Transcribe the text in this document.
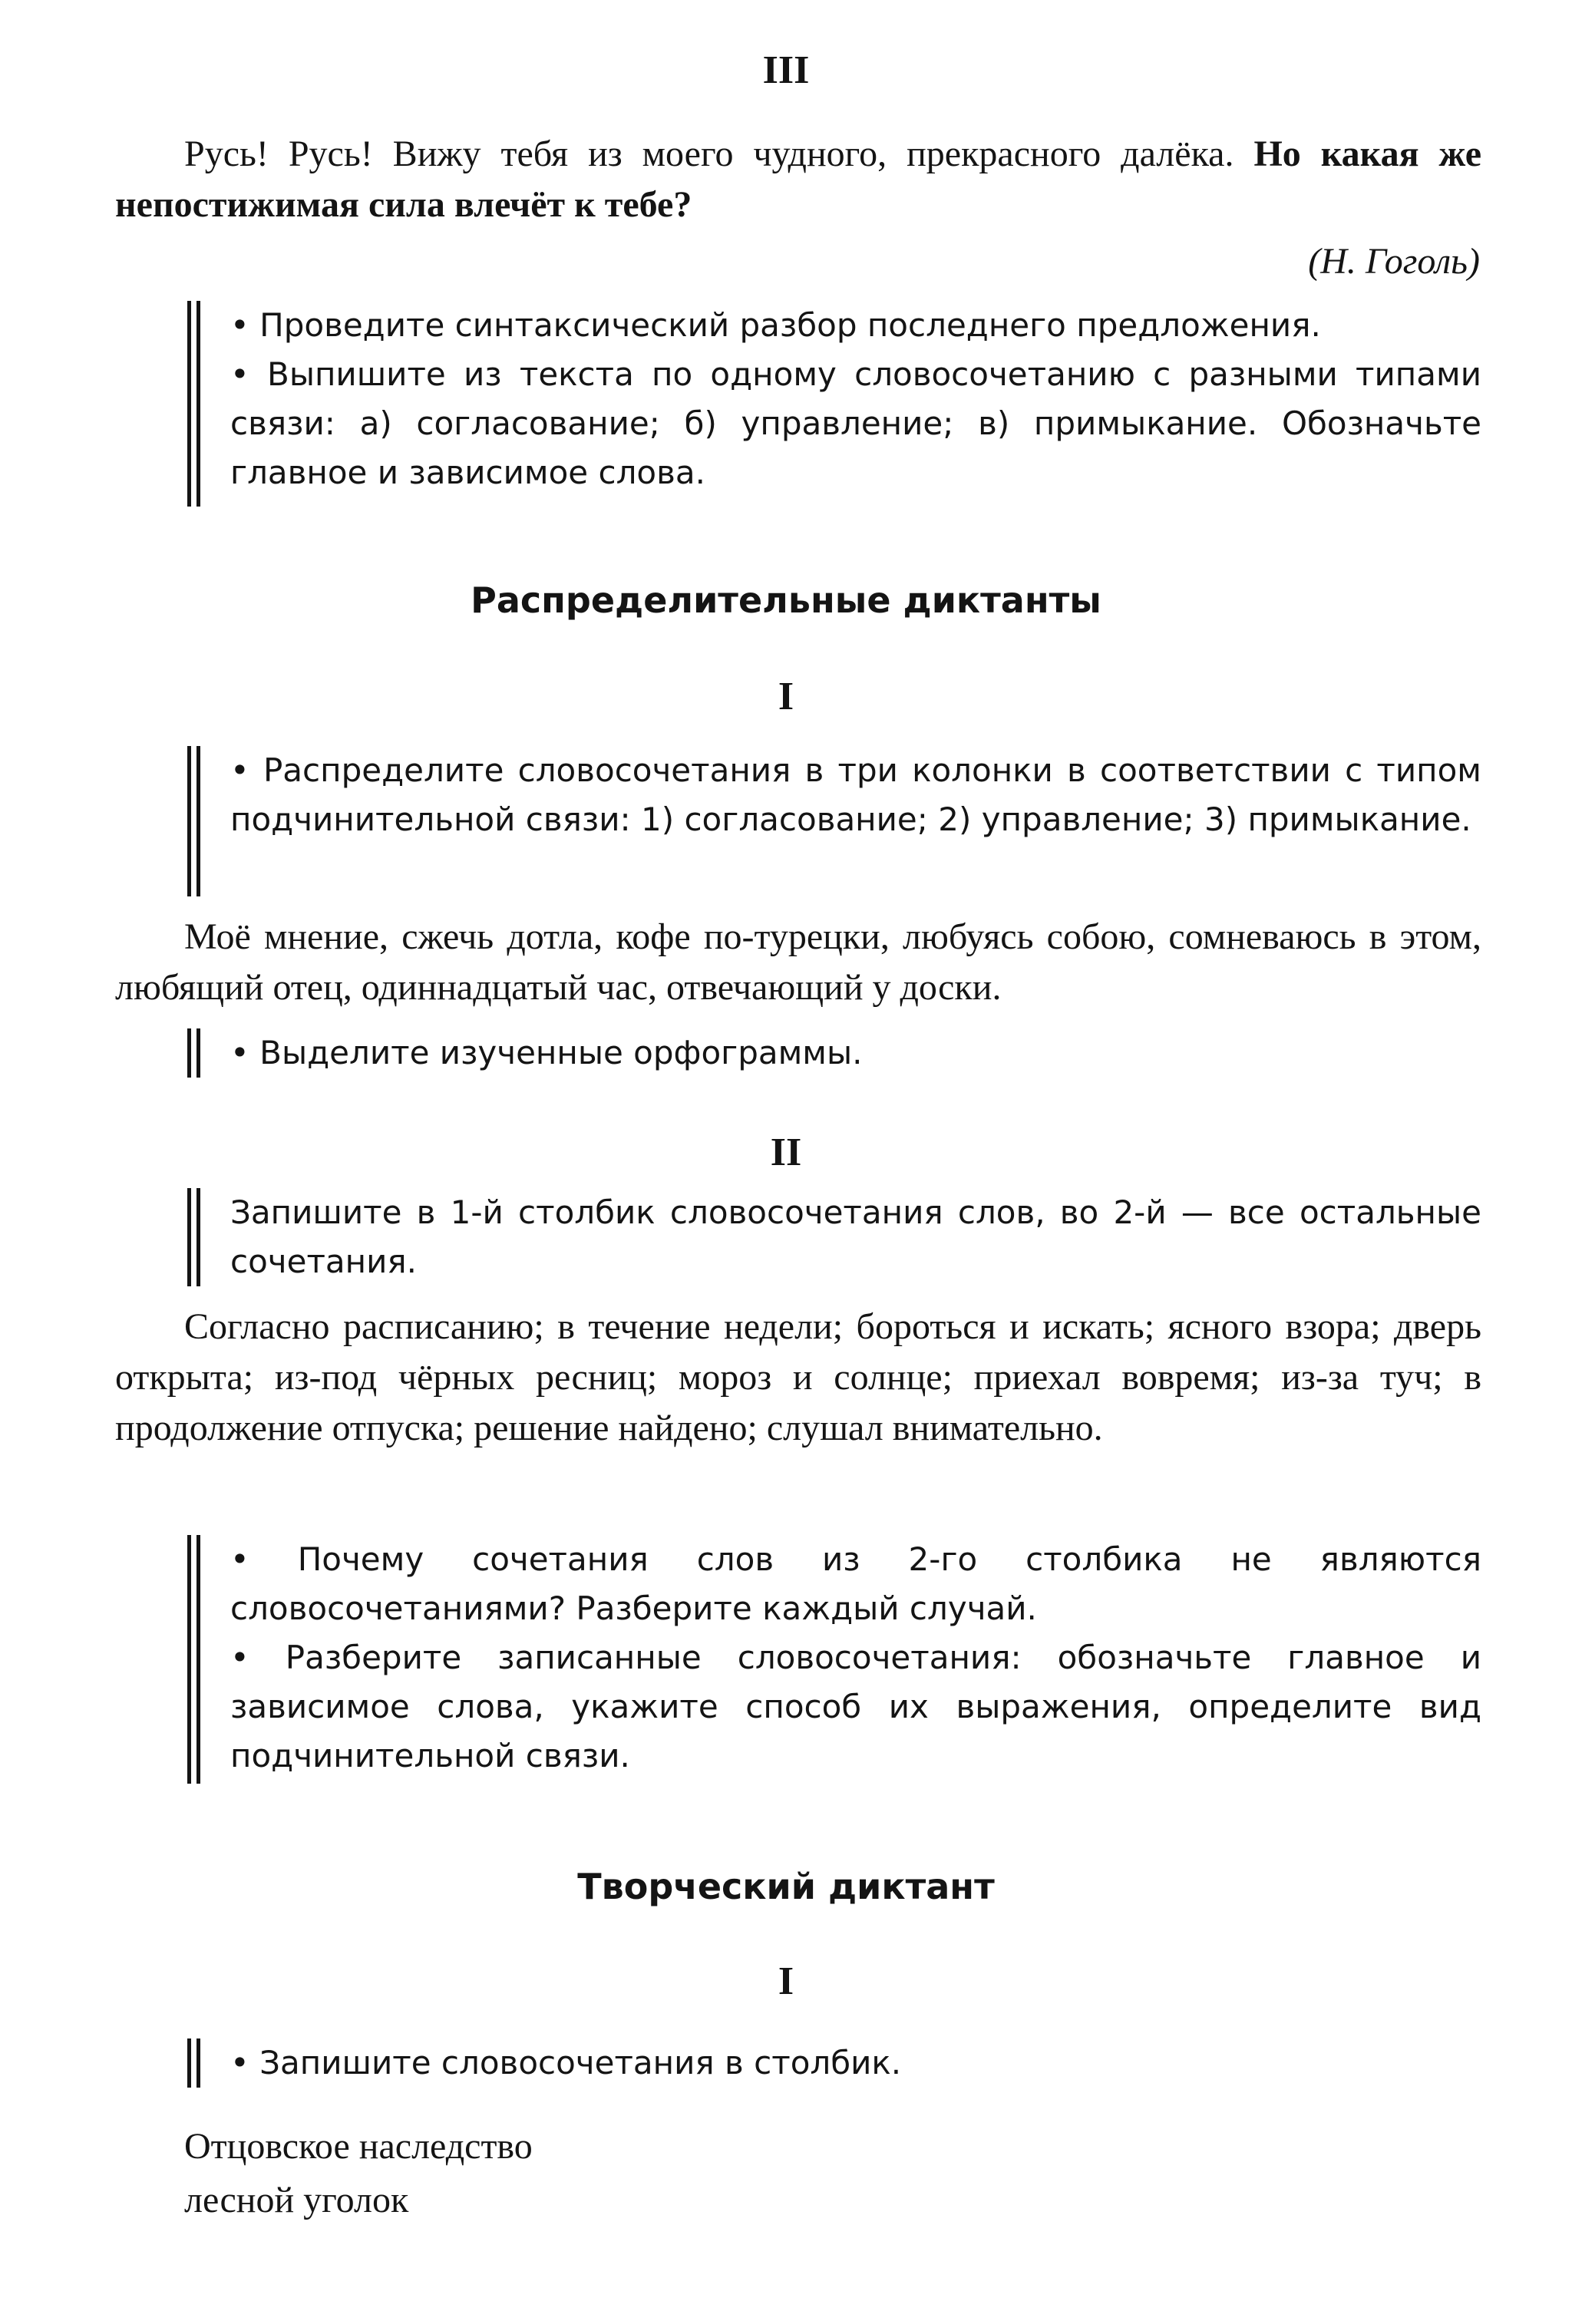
III
Русь! Русь! Вижу тебя из моего чудного, прекрасного далёка. Но какая же непостижимая сила влечёт к тебе?
(Н. Гоголь)

• Проведите синтаксический разбор последнего предложения.

• Выпишите из текста по одному словосочетанию с разными типами связи: а) согласование; б) управление; в) примыкание. Обозначьте главное и зависимое слова.

Распределительные диктанты
I

• Распределите словосочетания в три колонки в соответствии с типом подчинительной связи: 1) согласование; 2) управление; 3) примыкание.

Моё мнение, сжечь дотла, кофе по-турецки, любуясь собою, сомневаюсь в этом, любящий отец, одиннадцатый час, отвечающий у доски.

• Выделите изученные орфограммы.

II

Запишите в 1-й столбик словосочетания слов, во 2-й — все остальные сочетания.

Согласно расписанию; в течение недели; бороться и искать; ясного взора; дверь открыта; из-под чёрных ресниц; мороз и солнце; приехал вовремя; из-за туч; в продолжение отпуска; решение найдено; слушал внимательно.

• Почему сочетания слов из 2-го столбика не являются словосочетаниями? Разберите каждый случай.

• Разберите записанные словосочетания: обозначьте главное и зависимое слова, укажите способ их выражения, определите вид подчинительной связи.

Творческий диктант
I

• Запишите словосочетания в столбик.

Отцовское наследство
лесной уголок
